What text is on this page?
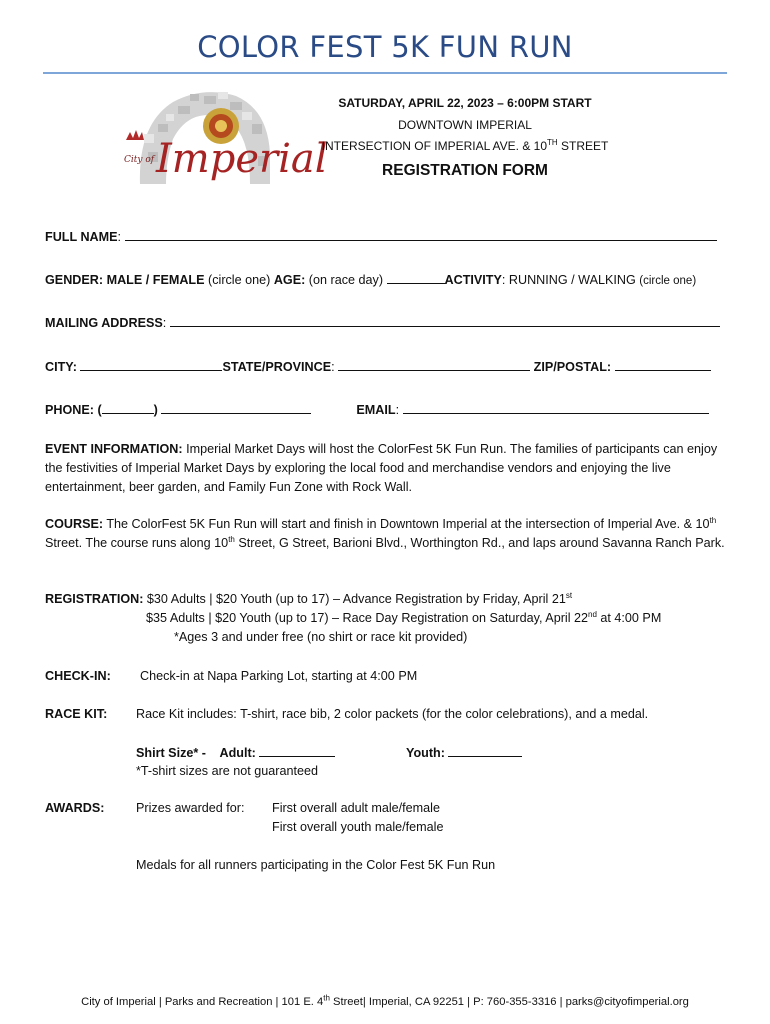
COLOR FEST 5K FUN RUN
City of Imperial
SATURDAY, APRIL 22, 2023 – 6:00PM START
DOWNTOWN IMPERIAL
INTERSECTION OF IMPERIAL AVE. & 10TH STREET
REGISTRATION FORM
FULL NAME:
GENDER: MALE / FEMALE (circle one) AGE: (on race day)	ACTIVITY: RUNNING / WALKING (circle one)
MAILING ADDRESS:
CITY:	STATE/PROVINCE:	ZIP/POSTAL:
PHONE: (	)	EMAIL:
EVENT INFORMATION: Imperial Market Days will host the ColorFest 5K Fun Run. The families of participants can enjoy the festivities of Imperial Market Days by exploring the local food and merchandise vendors and enjoying the live entertainment, beer garden, and Family Fun Zone with Rock Wall.
COURSE: The ColorFest 5K Fun Run will start and finish in Downtown Imperial at the intersection of Imperial Ave. & 10th Street. The course runs along 10th Street, G Street, Barioni Blvd., Worthington Rd., and laps around Savanna Ranch Park.
REGISTRATION: $30 Adults | $20 Youth (up to 17) – Advance Registration by Friday, April 21st
$35 Adults | $20 Youth (up to 17) – Race Day Registration on Saturday, April 22nd at 4:00 PM
*Ages 3 and under free (no shirt or race kit provided)
CHECK-IN: Check-in at Napa Parking Lot, starting at 4:00 PM
RACE KIT: Race Kit includes: T-shirt, race bib, 2 color packets (for the color celebrations), and a medal.
Shirt Size* -    Adult:	Youth:
*T-shirt sizes are not guaranteed
AWARDS:	Prizes awarded for: First overall adult male/female
First overall youth male/female
Medals for all runners participating in the Color Fest 5K Fun Run
City of Imperial | Parks and Recreation | 101 E. 4th Street| Imperial, CA 92251 | P: 760-355-3316 | parks@cityofimperial.org
